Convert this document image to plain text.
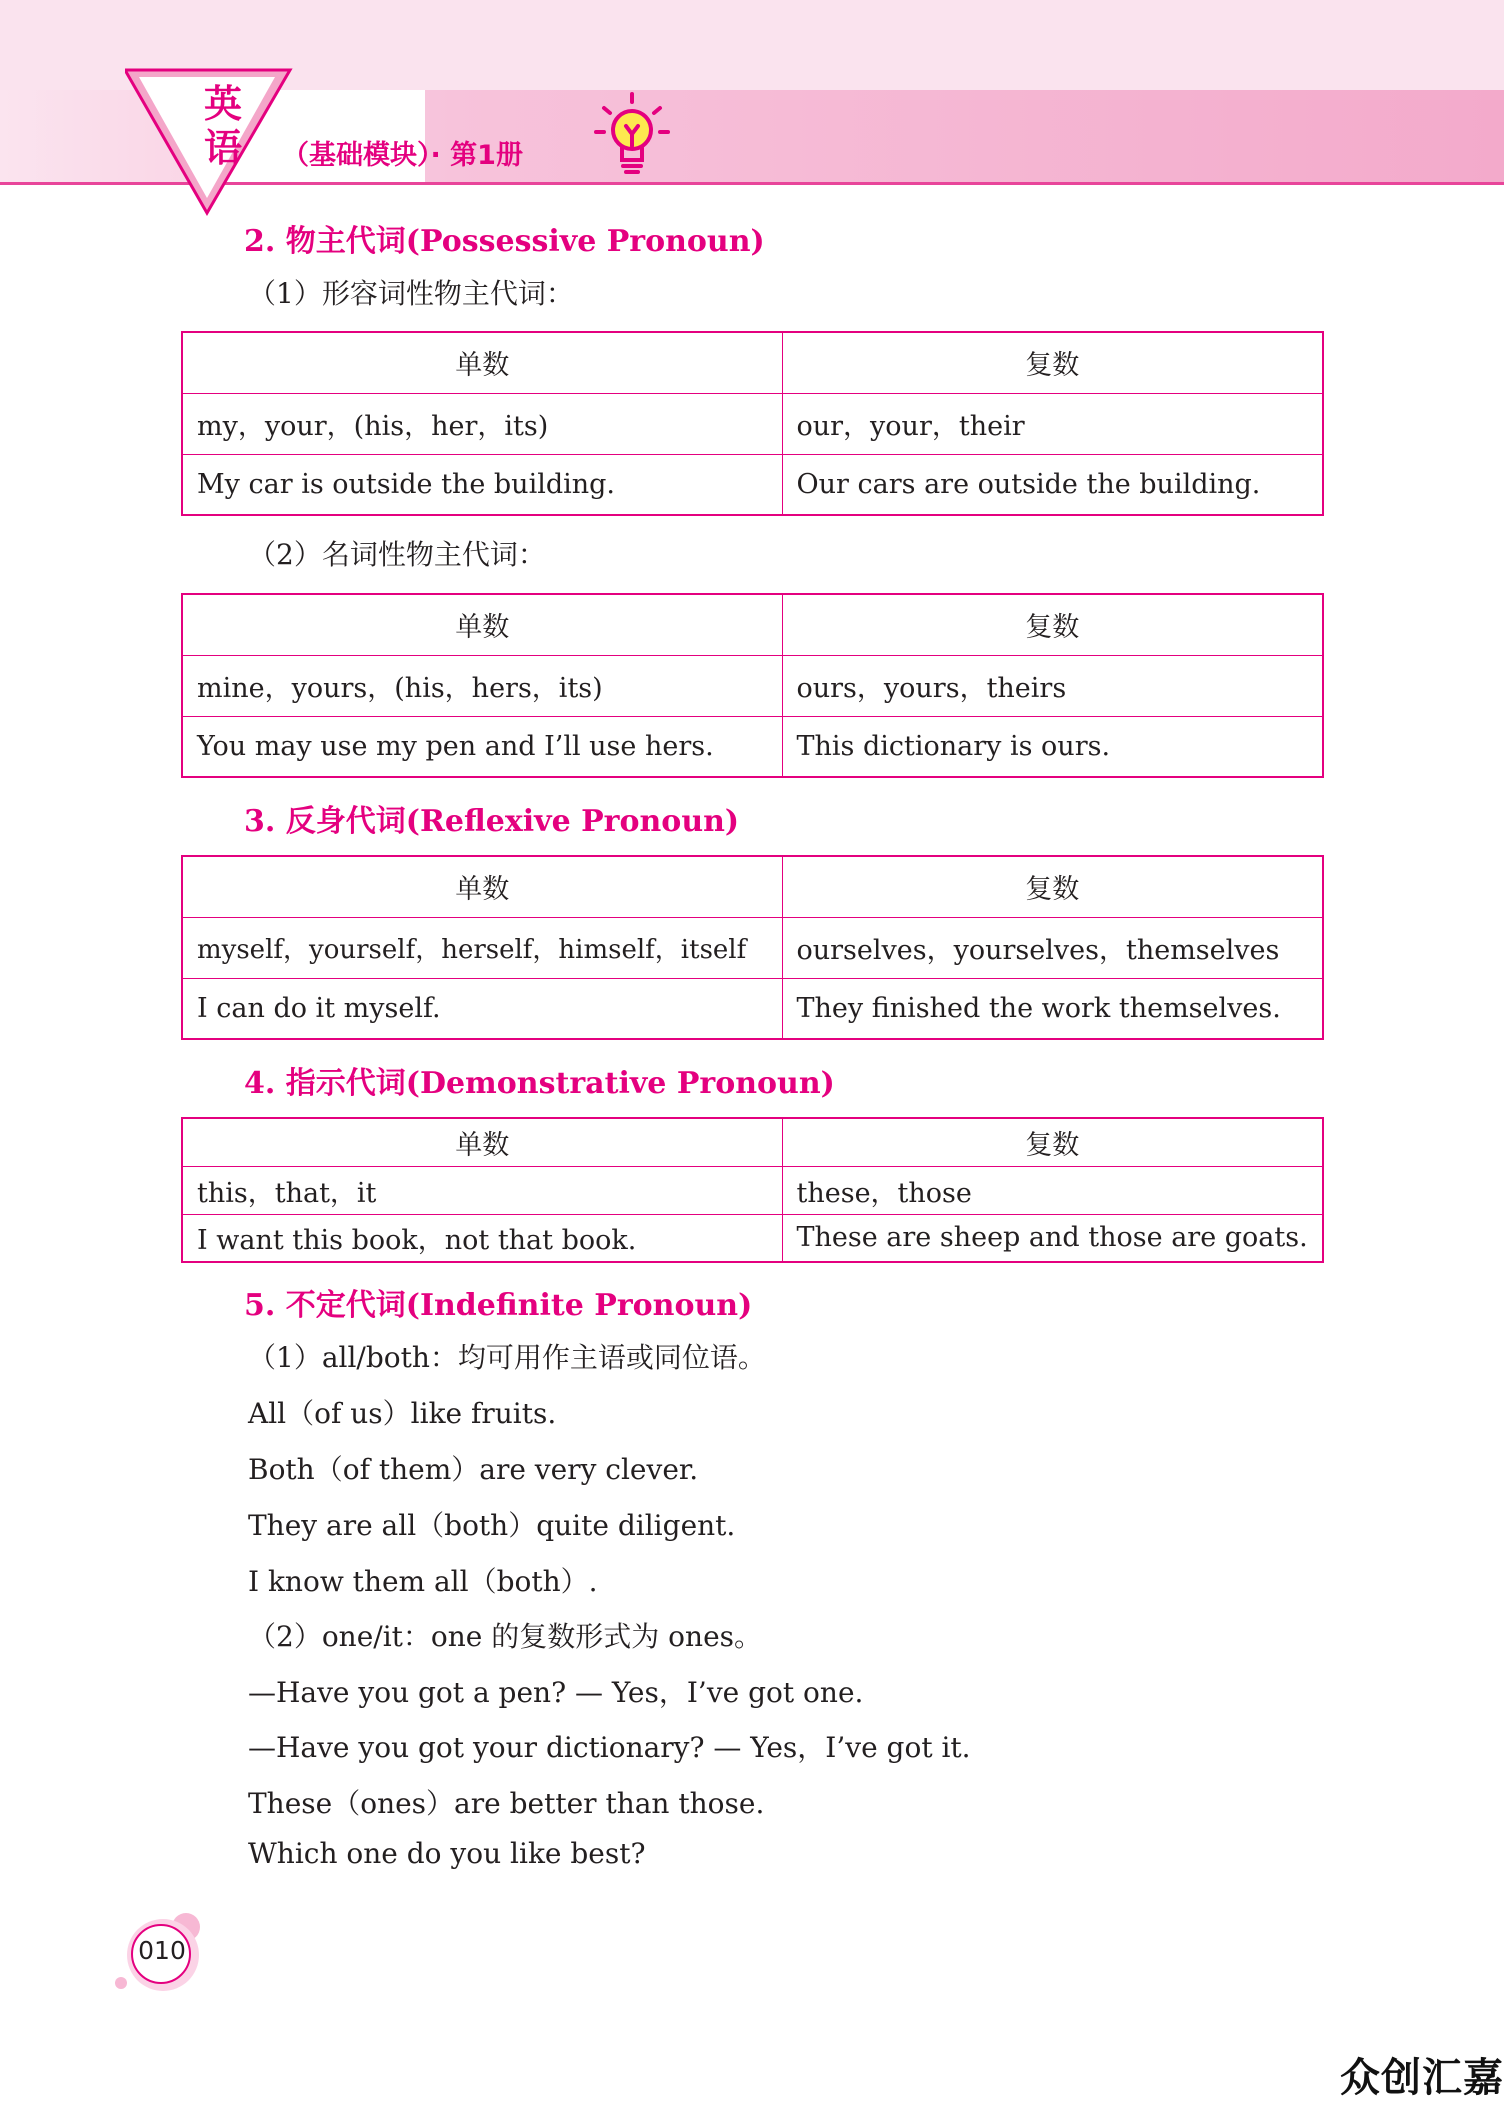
英语	（基础模块）· 第1册
2. 物主代词(Possessive Pronoun)
（1）形容词性物主代词：
单数	复数
my，your，(his，her，its)	our，your，their
My car is outside the building.	Our cars are outside the building.
（2）名词性物主代词：
单数	复数
mine，yours，(his，hers，its)	ours，yours，theirs
You may use my pen and I’ll use hers.	This dictionary is ours.
3. 反身代词(Reflexive Pronoun)
单数	复数
myself，yourself，herself，himself，itself	ourselves，yourselves，themselves
I can do it myself.	They finished the work themselves.
4. 指示代词(Demonstrative Pronoun)
单数	复数
this，that，it	these，those
I want this book，not that book.	These are sheep and those are goats.
5. 不定代词(Indefinite Pronoun)
（1）all/both：均可用作主语或同位语。
All（of us）like fruits.
Both（of them）are very clever.
They are all（both）quite diligent.
I know them all（both）.
（2）one/it：one 的复数形式为 ones。
—Have you got a pen? — Yes，I’ve got one.
—Have you got your dictionary? — Yes，I’ve got it.
These（ones）are better than those.
Which one do you like best?
010
众创汇嘉
